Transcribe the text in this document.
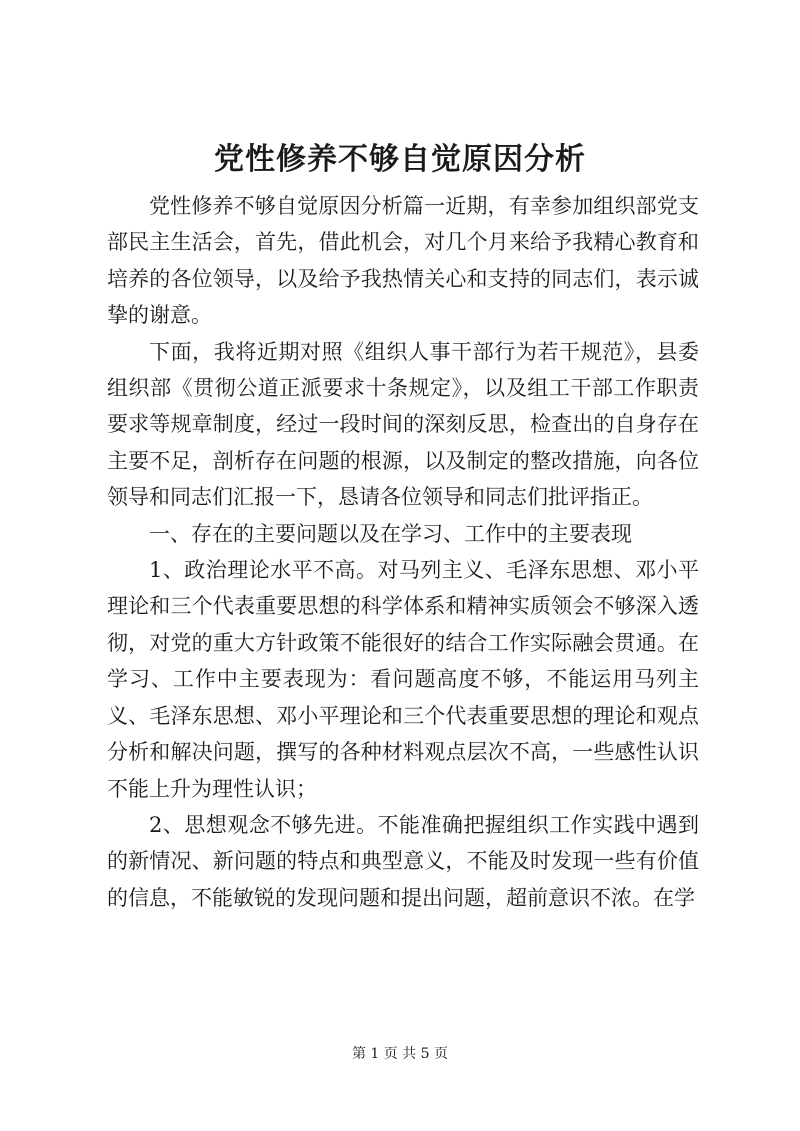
党性修养不够自觉原因分析

党性修养不够自觉原因分析篇一近期，有幸参加组织部党支部民主生活会，首先，借此机会，对几个月来给予我精心教育和培养的各位领导，以及给予我热情关心和支持的同志们，表示诚挚的谢意。

下面，我将近期对照《组织人事干部行为若干规范》，县委组织部《贯彻公道正派要求十条规定》，以及组工干部工作职责要求等规章制度，经过一段时间的深刻反思，检查出的自身存在主要不足，剖析存在问题的根源，以及制定的整改措施，向各位领导和同志们汇报一下，恳请各位领导和同志们批评指正。

一、存在的主要问题以及在学习、工作中的主要表现

1、政治理论水平不高。对马列主义、毛泽东思想、邓小平理论和三个代表重要思想的科学体系和精神实质领会不够深入透彻，对党的重大方针政策不能很好的结合工作实际融会贯通。在学习、工作中主要表现为：看问题高度不够，不能运用马列主义、毛泽东思想、邓小平理论和三个代表重要思想的理论和观点分析和解决问题，撰写的各种材料观点层次不高，一些感性认识不能上升为理性认识；

2、思想观念不够先进。不能准确把握组织工作实践中遇到的新情况、新问题的特点和典型意义，不能及时发现一些有价值的信息，不能敏锐的发现问题和提出问题，超前意识不浓。在学

第 1 页 共 5 页
